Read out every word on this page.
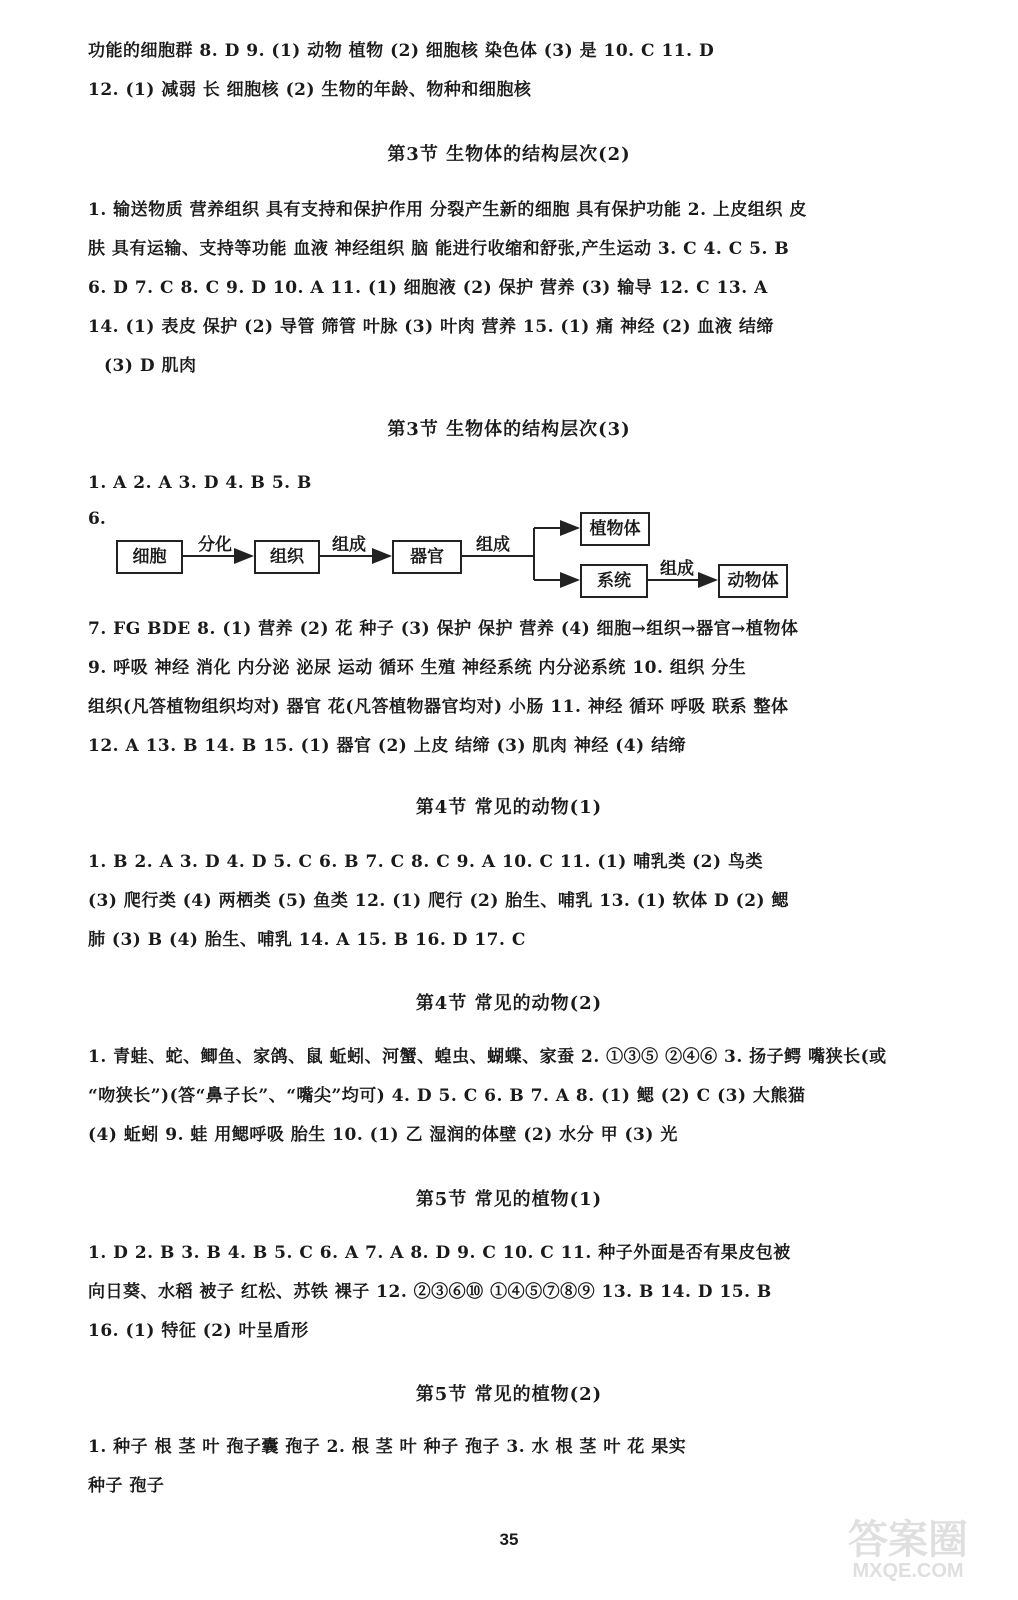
功能的细胞群 8. D 9. (1) 动物 植物 (2) 细胞核 染色体 (3) 是 10. C 11. D
12. (1) 减弱 长 细胞核 (2) 生物的年龄、物种和细胞核
第3节 生物体的结构层次(2)
1. 输送物质 营养组织 具有支持和保护作用 分裂产生新的细胞 具有保护功能 2. 上皮组织 皮
肤 具有运输、支持等功能 血液 神经组织 脑 能进行收缩和舒张,产生运动 3. C 4. C 5. B
6. D 7. C 8. C 9. D 10. A 11. (1) 细胞液 (2) 保护 营养 (3) 输导 12. C 13. A
14. (1) 表皮 保护 (2) 导管 筛管 叶脉 (3) 叶肉 营养 15. (1) 痛 神经 (2) 血液 结缔
(3) D 肌肉
第3节 生物体的结构层次(3)
1. A 2. A 3. D 4. B 5. B
6.
细胞	组织	器官
植物体
系统	动物体
分化	组成	组成
组成
7. FG BDE 8. (1) 营养 (2) 花 种子 (3) 保护 保护 营养 (4) 细胞→组织→器官→植物体
9. 呼吸 神经 消化 内分泌 泌尿 运动 循环 生殖 神经系统 内分泌系统 10. 组织 分生
组织(凡答植物组织均对) 器官 花(凡答植物器官均对) 小肠 11. 神经 循环 呼吸 联系 整体
12. A 13. B 14. B 15. (1) 器官 (2) 上皮 结缔 (3) 肌肉 神经 (4) 结缔
第4节 常见的动物(1)
1. B 2. A 3. D 4. D 5. C 6. B 7. C 8. C 9. A 10. C 11. (1) 哺乳类 (2) 鸟类
(3) 爬行类 (4) 两栖类 (5) 鱼类 12. (1) 爬行 (2) 胎生、哺乳 13. (1) 软体 D (2) 鳃
肺 (3) B (4) 胎生、哺乳 14. A 15. B 16. D 17. C
第4节 常见的动物(2)
1. 青蛙、蛇、鲫鱼、家鸽、鼠 蚯蚓、河蟹、蝗虫、蝴蝶、家蚕 2. ①③⑤ ②④⑥ 3. 扬子鳄 嘴狭长(或
“吻狭长”)(答“鼻子长”、“嘴尖”均可) 4. D 5. C 6. B 7. A 8. (1) 鳃 (2) C (3) 大熊猫
(4) 蚯蚓 9. 蛙 用鳃呼吸 胎生 10. (1) 乙 湿润的体壁 (2) 水分 甲 (3) 光
第5节 常见的植物(1)
1. D 2. B 3. B 4. B 5. C 6. A 7. A 8. D 9. C 10. C 11. 种子外面是否有果皮包被
向日葵、水稻 被子 红松、苏铁 裸子 12. ②③⑥⑩ ①④⑤⑦⑧⑨ 13. B 14. D 15. B
16. (1) 特征 (2) 叶呈盾形
第5节 常见的植物(2)
1. 种子 根 茎 叶 孢子囊 孢子 2. 根 茎 叶 种子 孢子 3. 水 根 茎 叶 花 果实
种子 孢子
35	答案圈
MXQE.COM
